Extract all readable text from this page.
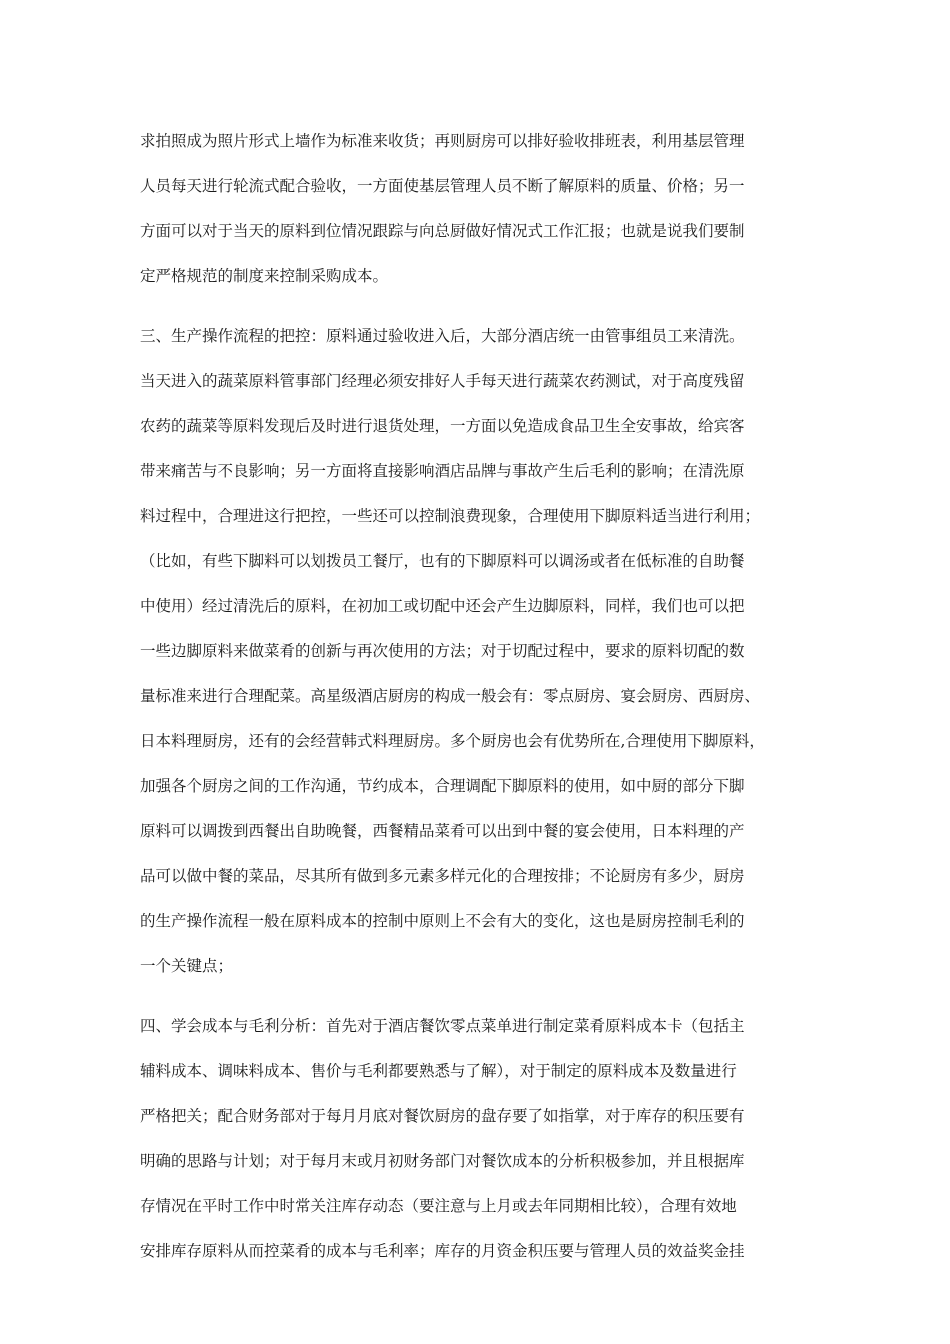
求拍照成为照片形式上墙作为标准来收货；再则厨房可以排好验收排班表，利用基层管理

人员每天进行轮流式配合验收，一方面使基层管理人员不断了解原料的质量、价格；另一

方面可以对于当天的原料到位情况跟踪与向总厨做好情况式工作汇报；也就是说我们要制

定严格规范的制度来控制采购成本。

三、生产操作流程的把控：原料通过验收进入后，大部分酒店统一由管事组员工来清洗。

当天进入的蔬菜原料管事部门经理必须安排好人手每天进行蔬菜农药测试，对于高度残留

农药的蔬菜等原料发现后及时进行退货处理，一方面以免造成食品卫生全安事故，给宾客

带来痛苦与不良影响；另一方面将直接影响酒店品牌与事故产生后毛利的影响；在清洗原

料过程中，合理进这行把控，一些还可以控制浪费现象，合理使用下脚原料适当进行利用；

（比如，有些下脚料可以划拨员工餐厅，也有的下脚原料可以调汤或者在低标准的自助餐

中使用）经过清洗后的原料，在初加工或切配中还会产生边脚原料，同样，我们也可以把

一些边脚原料来做菜肴的创新与再次使用的方法；对于切配过程中，要求的原料切配的数

量标准来进行合理配菜。高星级酒店厨房的构成一般会有：零点厨房、宴会厨房、西厨房、

日本料理厨房，还有的会经营韩式料理厨房。多个厨房也会有优势所在,合理使用下脚原料，

加强各个厨房之间的工作沟通，节约成本，合理调配下脚原料的使用，如中厨的部分下脚

原料可以调拨到西餐出自助晚餐，西餐精品菜肴可以出到中餐的宴会使用，日本料理的产

品可以做中餐的菜品，尽其所有做到多元素多样元化的合理按排；不论厨房有多少，厨房

的生产操作流程一般在原料成本的控制中原则上不会有大的变化，这也是厨房控制毛利的

一个关键点；

四、学会成本与毛利分析：首先对于酒店餐饮零点菜单进行制定菜肴原料成本卡（包括主

辅料成本、调味料成本、售价与毛利都要熟悉与了解），对于制定的原料成本及数量进行

严格把关；配合财务部对于每月月底对餐饮厨房的盘存要了如指掌，对于库存的积压要有

明确的思路与计划；对于每月末或月初财务部门对餐饮成本的分析积极参加，并且根据库

存情况在平时工作中时常关注库存动态（要注意与上月或去年同期相比较），合理有效地

安排库存原料从而控菜肴的成本与毛利率；库存的月资金积压要与管理人员的效益奖金挂
